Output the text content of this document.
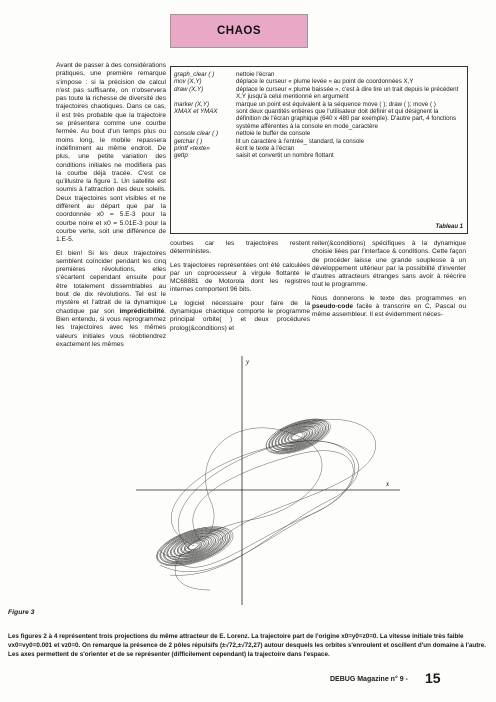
CHAOS

Avant de passer à des considérations pratiques, une première remarque s'impose : si la précision de calcul n'est pas suffisante, on n'observera pas toute la richesse de diversité des trajectoires chaotiques. Dans ce cas, il est très probable que la trajectoire se présentera comme une courbe fermée. Au bout d'un temps plus ou moins long, le mobile repassera indéfiniment au même endroit. De plus, une petite variation des conditions initiales ne modifiera pas la courbe déjà tracée. C'est ce qu'illustre la figure 1. Un satellite est soumis à l'attraction des deux soleils. Deux trajectoires sont visibles et ne diffèrent au départ que par la coordonnée x0 = 5.E-3 pour la courbe noire et x0 = 5.01E-3 pour la courbe verte, soit une différence de 1.E-5.

Et bien! Si les deux trajectoires semblent coïncider pendant les cinq premières révolutions, elles s'écartent cependant ensuite pour être totalement dissemblables au bout de dix révolutions. Tel est le mystère et l'attrait de la dynamique chaotique par son imprédicibilité. Bien entendu, si vous reprogrammez les trajectoires avec les mêmes valeurs initiales vous réobtiendrez exactement les mêmes

graph_clear ( )	nettoie l'écran
mov (X,Y)	déplace le curseur « plume levée » au point de coordonnées X,Y
draw (X,Y)	déplace le curseur « plume baissée », c'est à dire tire un trait depuis le précédent X,Y jusqu'à celui mentionné en argument
marker (X,Y)	marque un point est équivalent à la séquence move ( ); draw ( ); move ( )
XMAX et YMAX	sont deux quantités entières que l'utilisateur doit définir et qui désignent la définition de l'écran graphique (640 x 480 par exemple). D'autre part, 4 fonctions système afférentes à la console en mode_caractère
console clear ( )	nettoie le buffer de console
getchar ( )	lit un caractère à l'entrée_ standard, la console
printf «texte»	écrit le texte à l'écran
gettp	saisit et convertit un nombre flottant
Tableau 1

courbes car les trajectoires restent déterministes.

Les trajectoires représentées ont été calculées par un coprocesseur à virgule flottante le MC68881 de Motorola dont les registres internes comportent 96 bits.

Le logiciel nécessaire pour faire de la dynamique chaotique comporte le programme principal orbite( ) et deux procédures prolog(&conditions) et

reiter(&conditions) spécifiques à la dynamique choisie liées par l'interface & conditions. Cette façon de procéder laisse une grande souplesse à un développement ultérieur par la possibilité d'inventer d'autres attracteurs étranges sans avoir à réécrire tout le programme.

Nous donnerons le texte des programmes en pseudo-code facile à transcrire en C, Pascal ou même assembleur. Il est évidemment néces-

y
x
Figure 3
Les figures 2 à 4 représentent trois projections du même attracteur de E. Lorenz. La trajectoire part de l'origine x0=y0=z0=0. La vitesse initiale très faible vx0=vy0=0.001 et vz0=0. On remarque la présence de 2 pôles répulsifs (±√72,±√72,27) autour desquels les orbites s'enroulent et oscillent d'un domaine à l'autre. Les axes permettent de s'orienter et de se représenter (difficilement cependant) la trajectoire dans l'espace.
DEBUG Magazine n° 9 - 15
